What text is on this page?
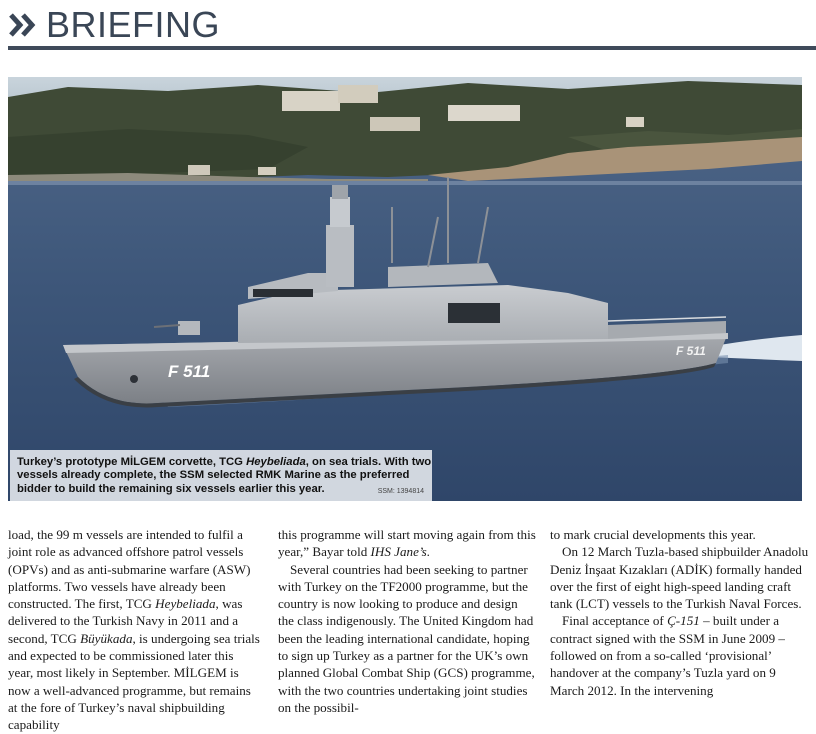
BRIEFING
F 511
F 511
Turkey’s prototype MİLGEM corvette, TCG Heybeliada, on sea trials. With two vessels already complete, the SSM selected RMK Marine as the preferred bidder to build the remaining six vessels earlier this year.	SSM: 1394814

load, the 99 m vessels are intended to fulfil a joint role as advanced offshore patrol vessels (OPVs) and as anti-submarine warfare (ASW) platforms. Two vessels have already been constructed. The first, TCG Heybeliada, was delivered to the Turkish Navy in 2011 and a second, TCG Büyükada, is undergoing sea trials and expected to be commissioned later this year, most likely in September. MİLGEM is now a well-advanced programme, but remains at the fore of Turkey’s naval shipbuilding capability

this programme will start moving again from this year,” Bayar told IHS Jane’s.

Several countries had been seeking to partner with Turkey on the TF2000 programme, but the country is now looking to produce and design the class indigenously. The United Kingdom had been the leading international candidate, hoping to sign up Turkey as a partner for the UK’s own planned Global Combat Ship (GCS) programme, with the two countries undertaking joint studies on the possibil-

to mark crucial developments this year.

On 12 March Tuzla-based shipbuilder Anadolu Deniz İnşaat Kızakları (ADİK) formally handed over the first of eight high-speed landing craft tank (LCT) vessels to the Turkish Naval Forces.

Final acceptance of Ç-151 – built under a contract signed with the SSM in June 2009 – followed on from a so-called ‘provisional’ handover at the company’s Tuzla yard on 9 March 2012. In the intervening
